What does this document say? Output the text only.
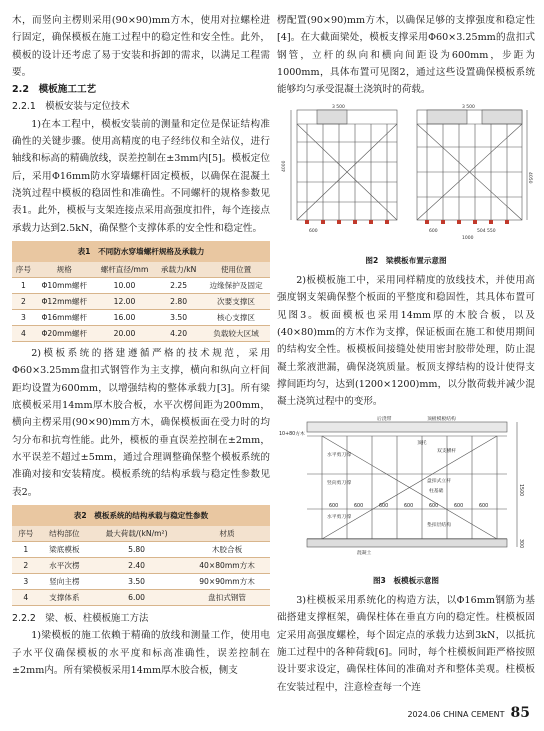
木，而竖向主楞则采用(90×90)mm方木，使用对拉螺栓进行固定，确保模板在施工过程中的稳定性和安全性。此外，模板的设计还考虑了易于安装和拆卸的需求，以满足工程需要。

2.2　模板施工工艺

2.2.1　模板安装与定位技术

1)在本工程中，模板安装前的测量和定位是保证结构准确性的关键步骤。使用高精度的电子经纬仪和全站仪，进行轴线和标高的精确放线，误差控制在±3mm内[5]。模板定位后，采用Φ16mm防水穿墙螺杆固定模板，以确保在混凝土浇筑过程中模板的稳固性和准确性。不同螺杆的规格参数见表1。此外，模板与支架连接点采用高强度扣件，每个连接点承载力达到2.5kN，确保整个支撑体系的安全性和稳定性。

表1　不同防水穿墙螺杆规格及承载力
序号	规格	螺杆直径/mm	承载力/kN	使用位置
1	Φ10mm螺杆	10.00	2.25	边缘保护及固定
2	Φ12mm螺杆	12.00	2.80	次要支撑区
3	Φ16mm螺杆	16.00	3.50	核心支撑区
4	Φ20mm螺杆	20.00	4.20	负载较大区域

2)模板系统的搭建遵循严格的技术规范，采用Φ60×3.25mm盘扣式钢管作为主支撑，横向和纵向立杆间距均设置为600mm，以增强结构的整体承载力[3]。所有梁底模板采用14mm厚木胶合板，水平次楞间距为200mm，横向主楞采用(90×90)mm方木，确保模板面在受力时的均匀分布和抗弯性能。此外，模板的垂直误差控制在±2mm，水平误差不超过±5mm，通过合理调整确保整个模板系统的准确对接和安装精度。模板系统的结构承载与稳定性参数见表2。

表2　模板系统的结构承载与稳定性参数
序号	结构部位	最大荷载/(kN/m²)	材质
1	梁底模板	5.80	木胶合板
2	水平次楞	2.40	40×80mm方木
3	竖向主楞	3.50	90×90mm方木
4	支撑体系	6.00	盘扣式钢管

2.2.2　梁、板、柱模板施工方法

1)梁模板的施工依赖于精确的放线和测量工作，使用电子水平仪确保模板的水平度和标高准确性，误差控制在±2mm内。所有梁模板采用14mm厚木胶合板，侧支

楞配置(90×90)mm方木，以确保足够的支撑强度和稳定性[4]。在大截面梁处，模板支撑采用Φ60×3.25mm的盘扣式钢管，立杆的纵向和横向间距设为600mm，步距为1000mm，具体布置可见图2，通过这些设置确保模板系统能够均匀承受混凝土浇筑时的荷载。

3 500	3 500
600	600	504 550
1000
4050
4000
图2　梁模板布置示意图

2)板模板施工中，采用同样精度的放线技术，并使用高强度钢支架确保整个板面的平整度和稳固性，其具体布置可见图3。板面模板也采用14mm厚的木胶合板，以及(40×80)mm的方木作为支撑，保证板面在施工和使用期间的结构安全性。板模板间接缝处使用密封胶带处理，防止混凝土浆液泄漏，确保浇筑质量。板顶支撑结构的设计使得支撑间距均匀，达到(1200×1200)mm，以分散荷载并减少混凝土浇筑过程中的变形。

后浇带	顶板模板结构
10+80方木
顶托
双支横杆
水平剪刀撑
竖向剪刀撑	盘扣式立杆
柱基础
水平剪刀撑
混凝土
垫扣层结构
600	600	600	600	600	600	600
1500
300
图3　板模板示意图

3)柱模板采用系统化的构造方法，以Φ16mm钢筋为基础搭建支撑框架，确保柱体在垂直方向的稳定性。柱模板固定采用高强度螺栓，每个固定点的承载力达到3kN，以抵抗施工过程中的各种荷载[6]。同时，每个柱模板间距严格按照设计要求设定，确保柱体间的准确对齐和整体美观。柱模板在安装过程中，注意检查每一个连

2024.06 CHINA CEMENT 85
